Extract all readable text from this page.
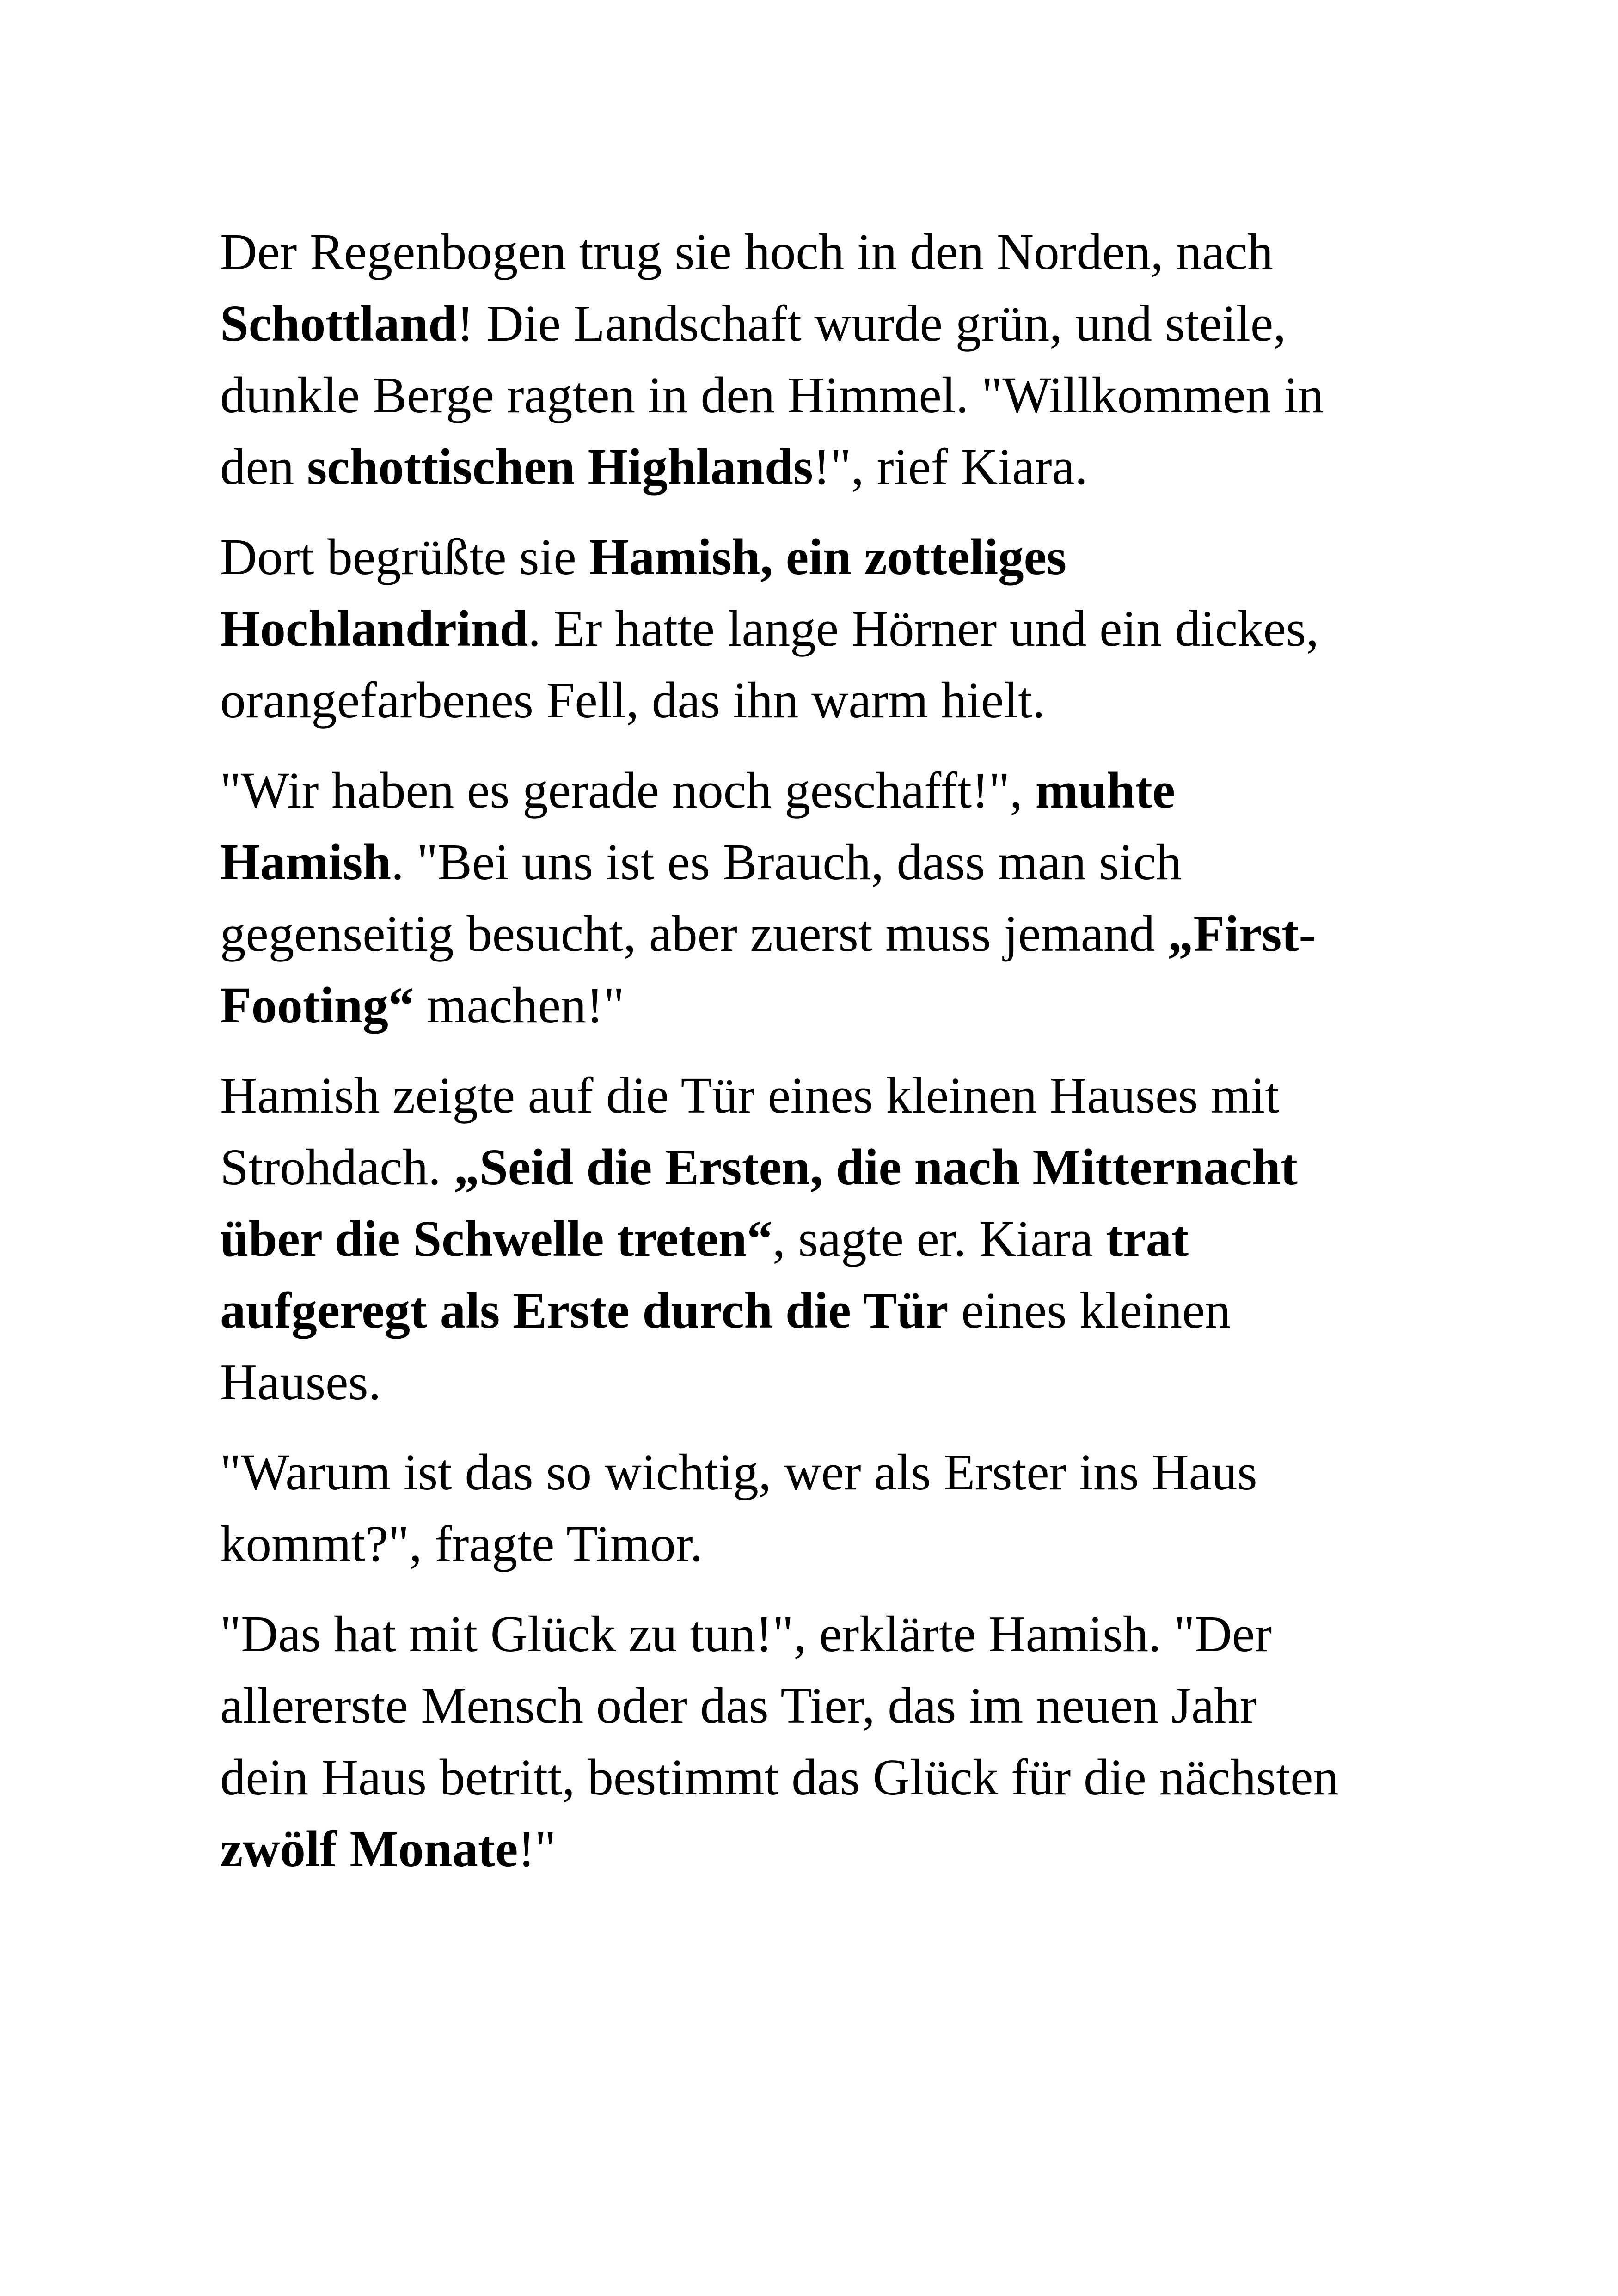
Der Regenbogen trug sie hoch in den Norden, nach
Schottland! Die Landschaft wurde grün, und steile,
dunkle Berge ragten in den Himmel. "Willkommen in
den schottischen Highlands!", rief Kiara.

Dort begrüßte sie Hamish, ein zotteliges
Hochlandrind. Er hatte lange Hörner und ein dickes,
orangefarbenes Fell, das ihn warm hielt.

"Wir haben es gerade noch geschafft!", muhte
Hamish. "Bei uns ist es Brauch, dass man sich
gegenseitig besucht, aber zuerst muss jemand „First-
Footing“ machen!"

Hamish zeigte auf die Tür eines kleinen Hauses mit
Strohdach. „Seid die Ersten, die nach Mitternacht
über die Schwelle treten“, sagte er. Kiara trat
aufgeregt als Erste durch die Tür eines kleinen
Hauses.

"Warum ist das so wichtig, wer als Erster ins Haus
kommt?", fragte Timor.

"Das hat mit Glück zu tun!", erklärte Hamish. "Der
allererste Mensch oder das Tier, das im neuen Jahr
dein Haus betritt, bestimmt das Glück für die nächsten
zwölf Monate!"
